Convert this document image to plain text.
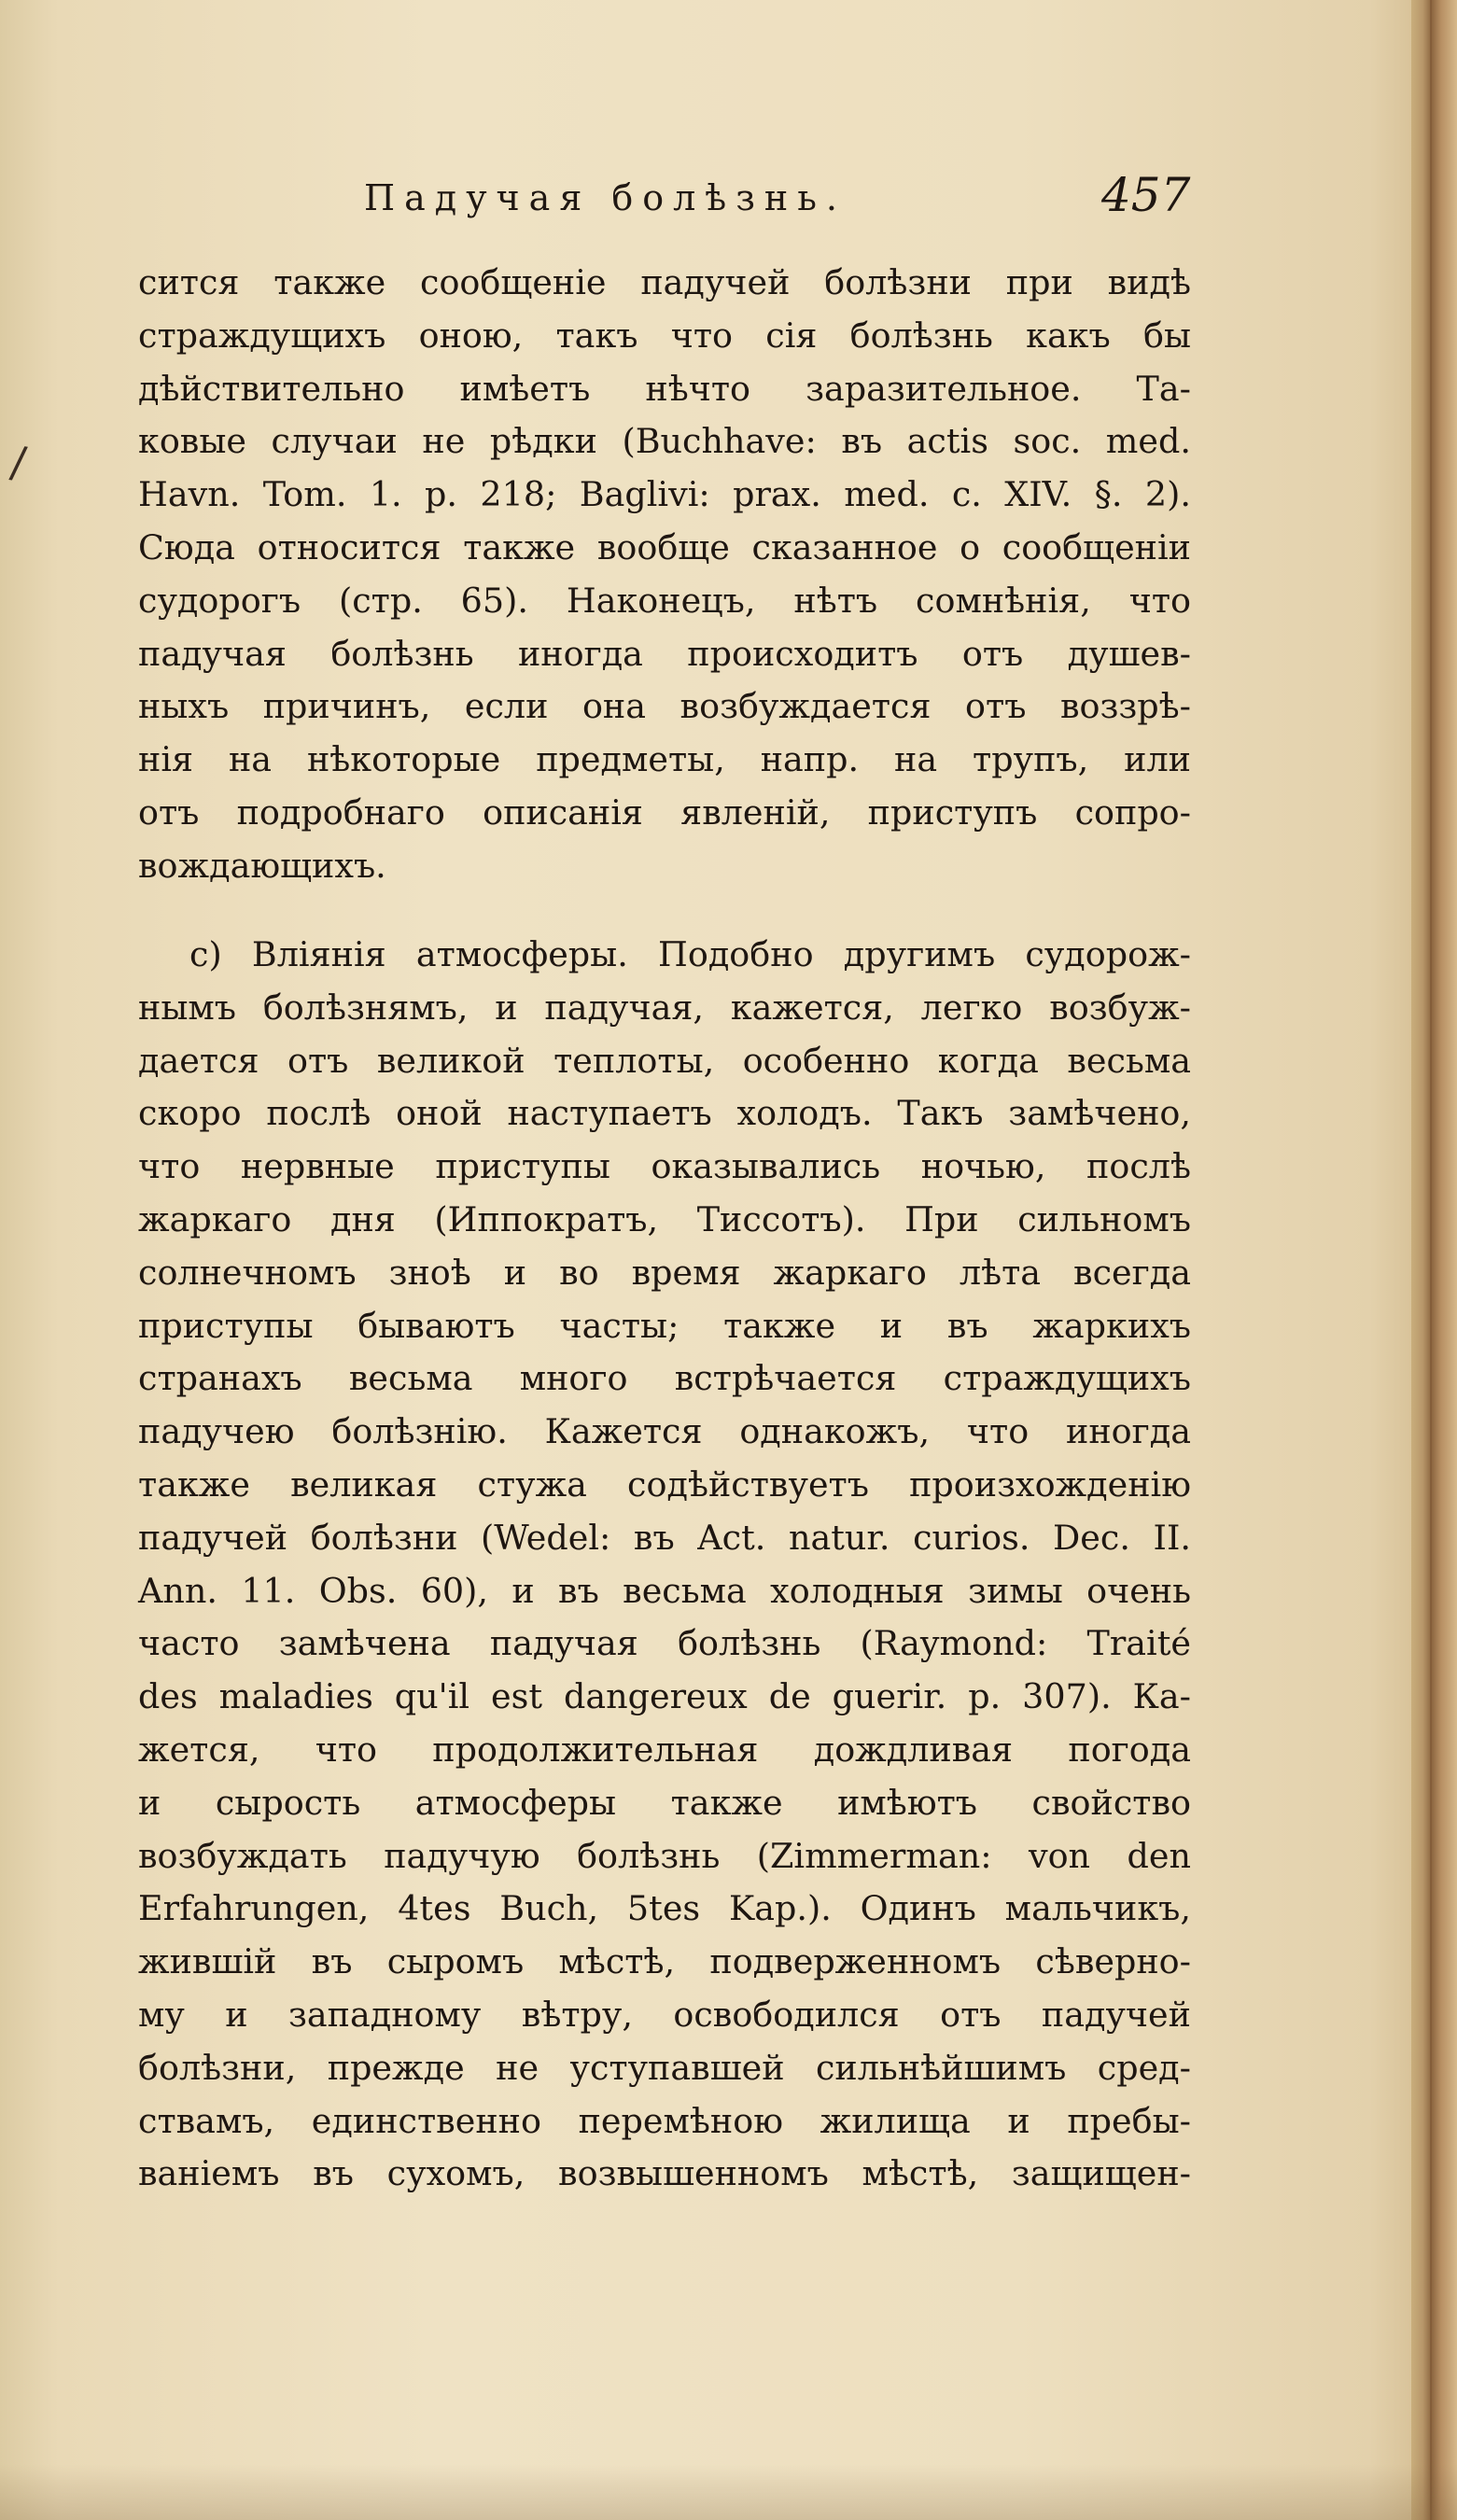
Падучая болѣзнь.	457
/
сится также сообщеніе падучей болѣзни при видѣ
страждущихъ оною, такъ что сія болѣзнь какъ бы
дѣйствительно имѣетъ нѣчто заразительное. Та-
ковые случаи не рѣдки (Buchhave: въ actis soc. med.
Havn. Tom. 1. p. 218; Baglivi: prax. med. c. XIV. §. 2).
Сюда относится также вообще сказанное о сообщеніи
судорогъ (стр. 65). Наконецъ, нѣтъ сомнѣнія, что
падучая болѣзнь иногда происходитъ отъ душев-
ныхъ причинъ, если она возбуждается отъ воззрѣ-
нія на нѣкоторые предметы, напр. на трупъ, или
отъ подробнаго описанія явленій, приступъ сопро-
вождающихъ.
c) Вліянія атмосферы. Подобно другимъ судорож-
нымъ болѣзнямъ, и падучая, кажется, легко возбуж-
дается отъ великой теплоты, особенно когда весьма
скоро послѣ оной наступаетъ холодъ. Такъ замѣчено,
что нервные приступы оказывались ночью, послѣ
жаркаго дня (Иппократъ, Тиссотъ). При сильномъ
солнечномъ знoѣ и во время жаркаго лѣта всегда
приступы бываютъ часты; также и въ жаркихъ
странахъ весьма много встрѣчается страждущихъ
падучею болѣзнію. Кажется однакожъ, что иногда
также великая стужа содѣйствуетъ произхожденію
падучей болѣзни (Wedel: въ Act. natur. curios. Dec. II.
Ann. 11. Obs. 60), и въ весьма холодныя зимы очень
часто замѣчена падучая болѣзнь (Raymond: Traité
des maladies qu'il est dangereux de guerir. p. 307). Ка-
жется, что продолжительная дождливая погода
и сырость атмосферы также имѣютъ свойство
возбуждать падучую болѣзнь (Zimmerman: von den
Erfahrungen, 4tes Buch, 5tes Kap.). Одинъ мальчикъ,
жившій въ сыромъ мѣстѣ, подверженномъ сѣверно-
му и западному вѣтру, освободился отъ падучей
болѣзни, прежде не уступавшей сильнѣйшимъ сред-
ствамъ, единственно перемѣною жилища и пребы-
ваніемъ въ сухомъ, возвышенномъ мѣстѣ, защищен-
